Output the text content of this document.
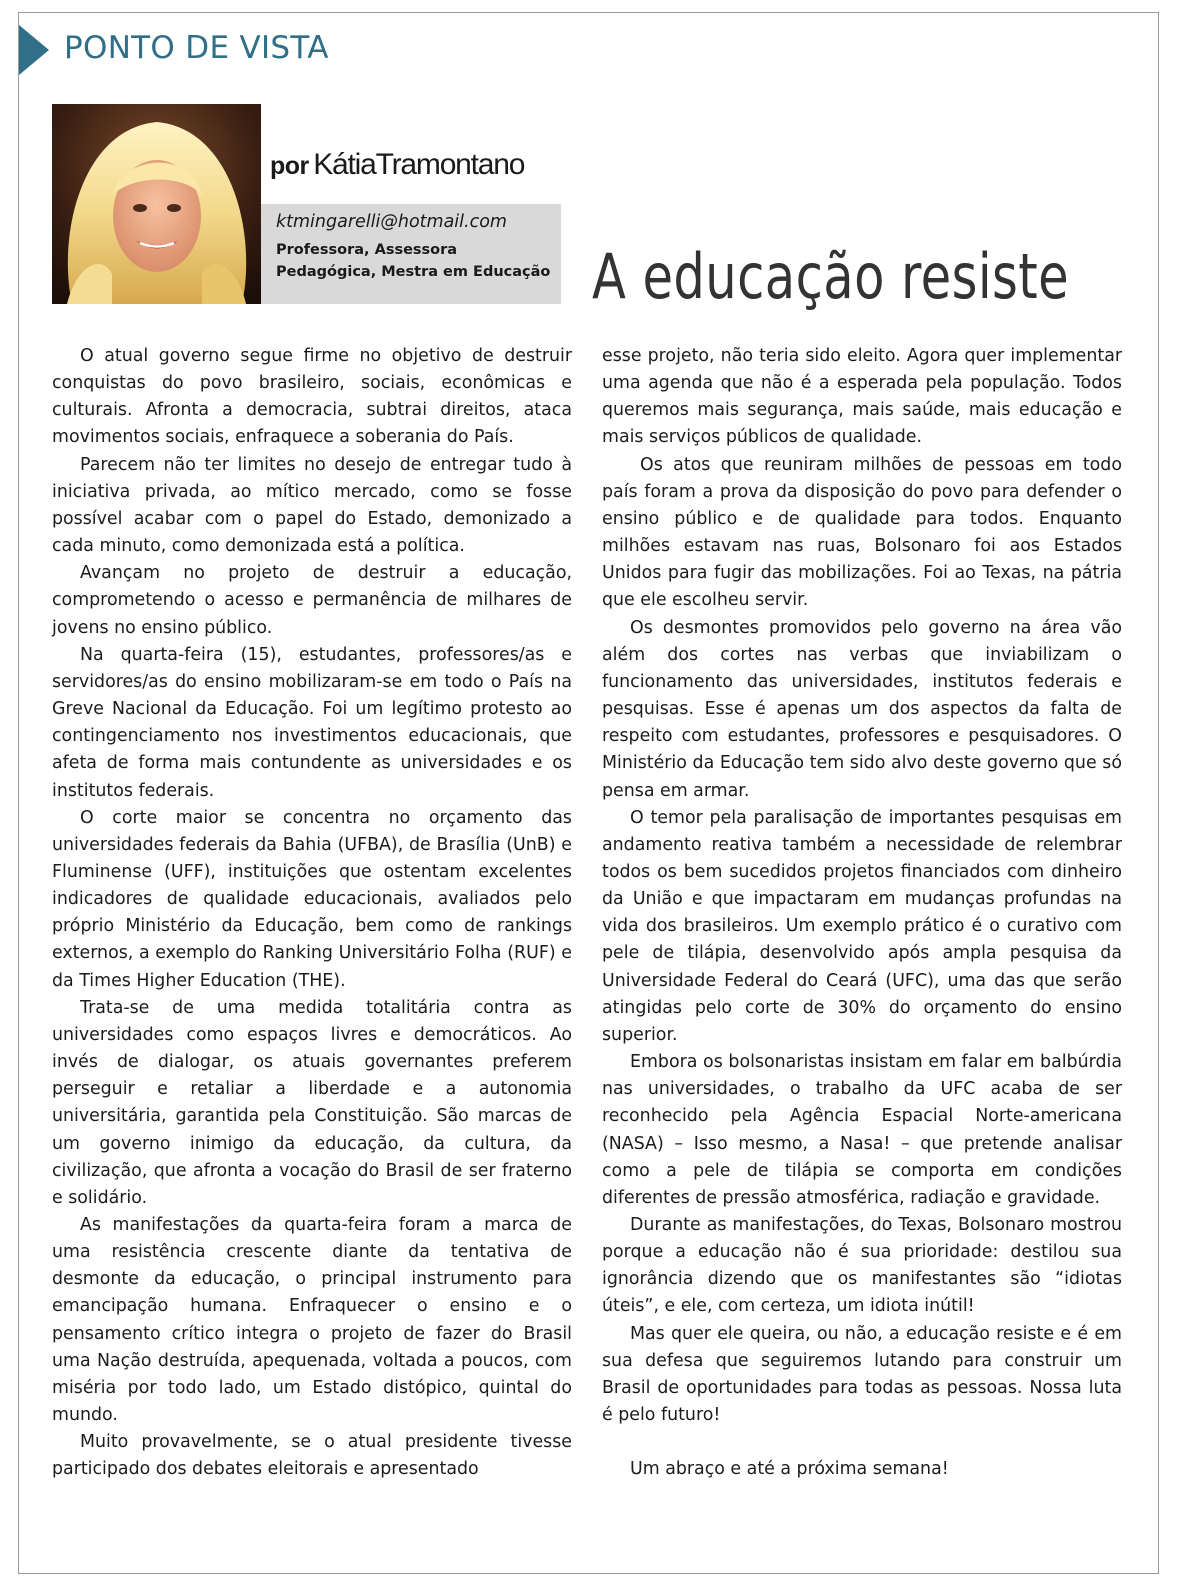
PONTO DE VISTA
por KátiaTramontano
ktmingarelli@hotmail.com
Professora, Assessora Pedagógica, Mestra em Educação A educação resiste

O atual governo segue firme no objetivo de destruir conquistas do povo brasileiro, sociais, econômicas e culturais. Afronta a democracia, subtrai direitos, ataca movimentos sociais, enfraquece a soberania do País.

Parecem não ter limites no desejo de entregar tudo à iniciativa privada, ao mítico mercado, como se fosse possível acabar com o papel do Estado, demonizado a cada minuto, como demonizada está a política.

Avançam no projeto de destruir a educação, comprometendo o acesso e permanência de milhares de jovens no ensino público.

Na quarta-feira (15), estudantes, professores/as e servidores/as do ensino mobilizaram-se em todo o País na Greve Nacional da Educação. Foi um legítimo protesto ao contingenciamento nos investimentos educacionais, que afeta de forma mais contundente as universidades e os institutos federais.

O corte maior se concentra no orçamento das universidades federais da Bahia (UFBA), de Brasília (UnB) e Fluminense (UFF), instituições que ostentam excelentes indicadores de qualidade educacionais, avaliados pelo próprio Ministério da Educação, bem como de rankings externos, a exemplo do Ranking Universitário Folha (RUF) e da Times Higher Education (THE).

Trata-se de uma medida totalitária contra as universidades como espaços livres e democráticos. Ao invés de dialogar, os atuais governantes preferem perseguir e retaliar a liberdade e a autonomia universitária, garantida pela Constituição. São marcas de um governo inimigo da educação, da cultura, da civilização, que afronta a vocação do Brasil de ser fraterno e solidário.

As manifestações da quarta-feira foram a marca de uma resistência crescente diante da tentativa de desmonte da educação, o principal instrumento para emancipação humana. Enfraquecer o ensino e o pensamento crítico integra o projeto de fazer do Brasil uma Nação destruída, apequenada, voltada a poucos, com miséria por todo lado, um Estado distópico, quintal do mundo.

Muito provavelmente, se o atual presidente tivesse participado dos debates eleitorais e apresentado

esse projeto, não teria sido eleito. Agora quer implementar uma agenda que não é a esperada pela população. Todos queremos mais segurança, mais saúde, mais educação e mais serviços públicos de qualidade.

Os atos que reuniram milhões de pessoas em todo país foram a prova da disposição do povo para defender o ensino público e de qualidade para todos. Enquanto milhões estavam nas ruas, Bolsonaro foi aos Estados Unidos para fugir das mobilizações. Foi ao Texas, na pátria que ele escolheu servir.

Os desmontes promovidos pelo governo na área vão além dos cortes nas verbas que inviabilizam o funcionamento das universidades, institutos federais e pesquisas. Esse é apenas um dos aspectos da falta de respeito com estudantes, professores e pesquisadores. O Ministério da Educação tem sido alvo deste governo que só pensa em armar.

O temor pela paralisação de importantes pesquisas em andamento reativa também a necessidade de relembrar todos os bem sucedidos projetos financiados com dinheiro da União e que impactaram em mudanças profundas na vida dos brasileiros. Um exemplo prático é o curativo com pele de tilápia, desenvolvido após ampla pesquisa da Universidade Federal do Ceará (UFC), uma das que serão atingidas pelo corte de 30% do orçamento do ensino superior.

Embora os bolsonaristas insistam em falar em balbúrdia nas universidades, o trabalho da UFC acaba de ser reconhecido pela Agência Espacial Norte-americana (NASA) – Isso mesmo, a Nasa! – que pretende analisar como a pele de tilápia se comporta em condições diferentes de pressão atmosférica, radiação e gravidade.

Durante as manifestações, do Texas, Bolsonaro mostrou porque a educação não é sua prioridade: destilou sua ignorância dizendo que os manifestantes são “idiotas úteis”, e ele, com certeza, um idiota inútil!

Mas quer ele queira, ou não, a educação resiste e é em sua defesa que seguiremos lutando para construir um Brasil de oportunidades para todas as pessoas. Nossa luta é pelo futuro!

Um abraço e até a próxima semana!
